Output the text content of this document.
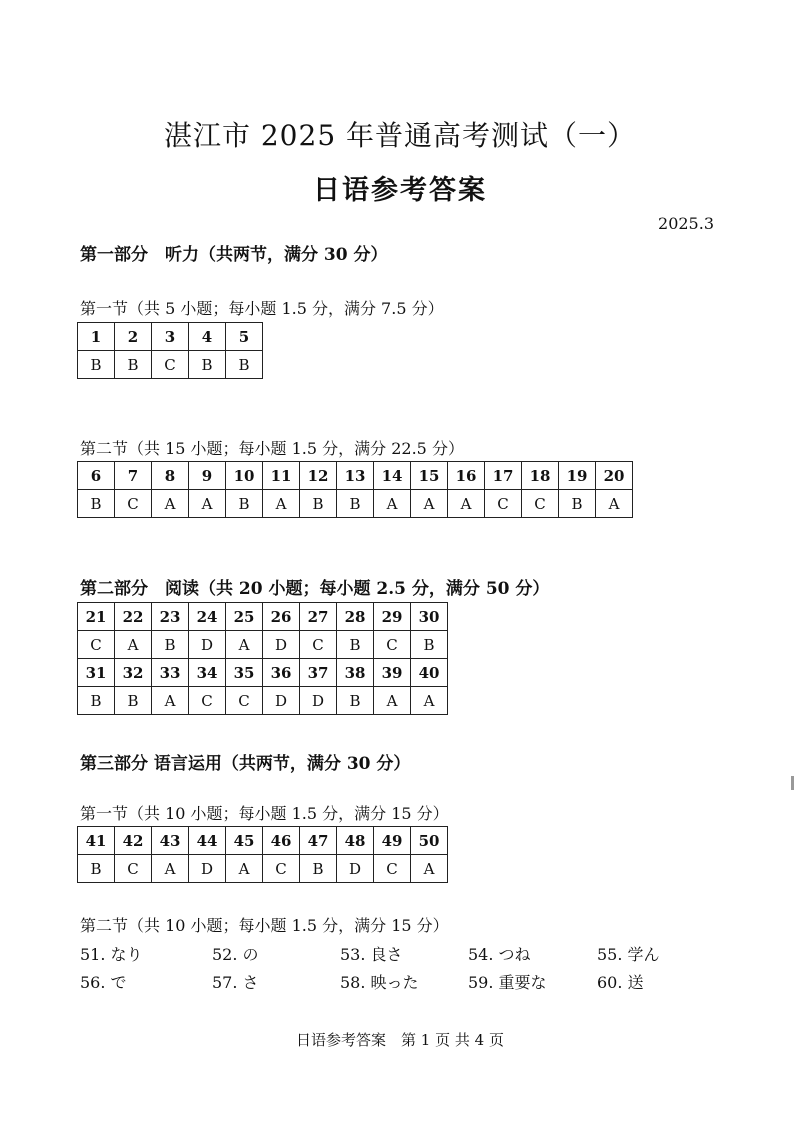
湛江市 2025 年普通高考测试（一）
日语参考答案
2025.3
第一部分　听力（共两节，满分 30 分）
第一节（共 5 小题；每小题 1.5 分，满分 7.5 分）
1	2	3	4	5
B	B	C	B	B
第二节（共 15 小题；每小题 1.5 分，满分 22.5 分）
6	7	8	9	10	11	12	13	14	15	16	17	18	19	20
B	C	A	A	B	A	B	B	A	A	A	C	C	B	A
第二部分　阅读（共 20 小题；每小题 2.5 分，满分 50 分）
21	22	23	24	25	26	27	28	29	30
C	A	B	D	A	D	C	B	C	B
31	32	33	34	35	36	37	38	39	40
B	B	A	C	C	D	D	B	A	A
第三部分 语言运用（共两节，满分 30 分）
第一节（共 10 小题；每小题 1.5 分，满分 15 分）
41	42	43	44	45	46	47	48	49	50
B	C	A	D	A	C	B	D	C	A
第二节（共 10 小题；每小题 1.5 分，满分 15 分）
51. なり	52. の	53. 良さ	54. つね	55. 学ん
56. で	57. さ	58. 映った	59. 重要な	60. 送
日语参考答案　第 1 页 共 4 页
